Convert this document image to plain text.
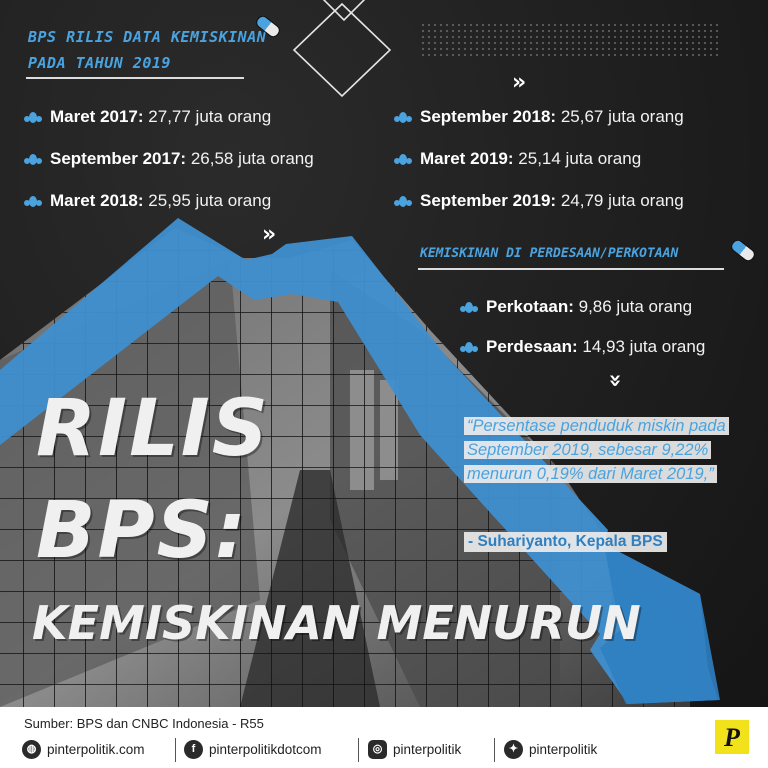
BPS RILIS DATA KEMISKINAN
PADA TAHUN 2019
»
Maret 2017: 27,77 juta orang
September 2017: 26,58 juta orang
Maret 2018: 25,95 juta orang
»
September 2018: 25,67 juta orang
Maret 2019: 25,14 juta orang
September 2019: 24,79 juta orang
KEMISKINAN DI PERDESAAN/PERKOTAAN
Perkotaan: 9,86 juta orang
Perdesaan: 14,93 juta orang
»
RILIS
BPS:
KEMISKINAN MENURUN
“Persentase penduduk miskin pada September 2019, sebesar 9,22% menurun 0,19% dari Maret 2019,”
- Suhariyanto, Kepala BPS
Sumber: BPS dan CNBC Indonesia - R55
◍ pinterpolitik.com	f	pinterpolitikdotcom	◎ pinterpolitik	✦ pinterpolitik	P
